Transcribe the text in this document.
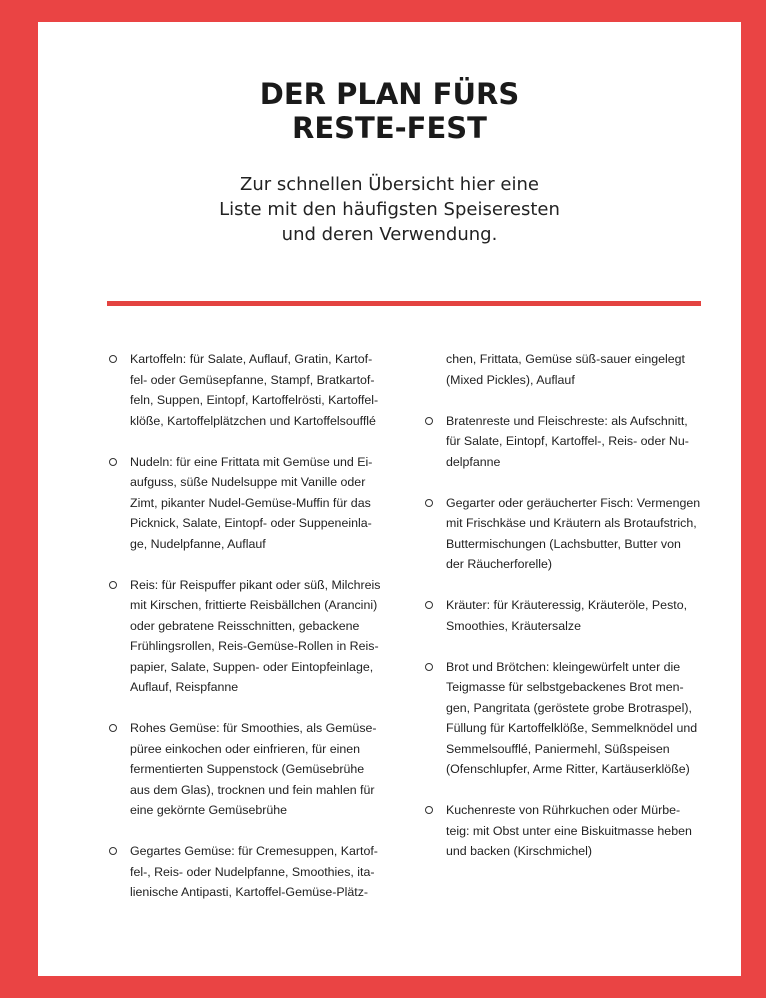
DER PLAN FÜRS
RESTE-FEST
Zur schnellen Übersicht hier eine
Liste mit den häufigsten Speiseresten
und deren Verwendung.
Kartoffeln: für Salate, Auflauf, Gratin, Kartof-
fel- oder Gemüsepfanne, Stampf, Bratkartof-
feln, Suppen, Eintopf, Kartoffelrösti, Kartoffel-
klöße, Kartoffelplätzchen und Kartoffelsoufflé
Nudeln: für eine Frittata mit Gemüse und Ei-
aufguss, süße Nudelsuppe mit Vanille oder
Zimt, pikanter Nudel-Gemüse-Muffin für das
Picknick, Salate, Eintopf- oder Suppeneinla-
ge, Nudelpfanne, Auflauf
Reis: für Reispuffer pikant oder süß, Milchreis
mit Kirschen, frittierte Reisbällchen (Arancini)
oder gebratene Reisschnitten, gebackene
Frühlingsrollen, Reis-Gemüse-Rollen in Reis-
papier, Salate, Suppen- oder Eintopfeinlage,
Auflauf, Reispfanne
Rohes Gemüse: für Smoothies, als Gemüse-
püree einkochen oder einfrieren, für einen
fermentierten Suppenstock (Gemüsebrühe
aus dem Glas), trocknen und fein mahlen für
eine gekörnte Gemüsebrühe
Gegartes Gemüse: für Cremesuppen, Kartof-
fel-, Reis- oder Nudelpfanne, Smoothies, ita-
lienische Antipasti, Kartoffel-Gemüse-Plätz-
chen, Frittata, Gemüse süß-sauer eingelegt
(Mixed Pickles), Auflauf
Bratenreste und Fleischreste: als Aufschnitt,
für Salate, Eintopf, Kartoffel-, Reis- oder Nu-
delpfanne
Gegarter oder geräucherter Fisch: Vermengen
mit Frischkäse und Kräutern als Brotaufstrich,
Buttermischungen (Lachsbutter, Butter von
der Räucherforelle)
Kräuter: für Kräuteressig, Kräuteröle, Pesto,
Smoothies, Kräutersalze
Brot und Brötchen: kleingewürfelt unter die
Teigmasse für selbstgebackenes Brot men-
gen, Pangritata (geröstete grobe Brotraspel),
Füllung für Kartoffelklöße, Semmelknödel und
Semmelsoufflé, Paniermehl, Süßspeisen
(Ofenschlupfer, Arme Ritter, Kartäuserklöße)
Kuchenreste von Rührkuchen oder Mürbe-
teig: mit Obst unter eine Biskuitmasse heben
und backen (Kirschmichel)
